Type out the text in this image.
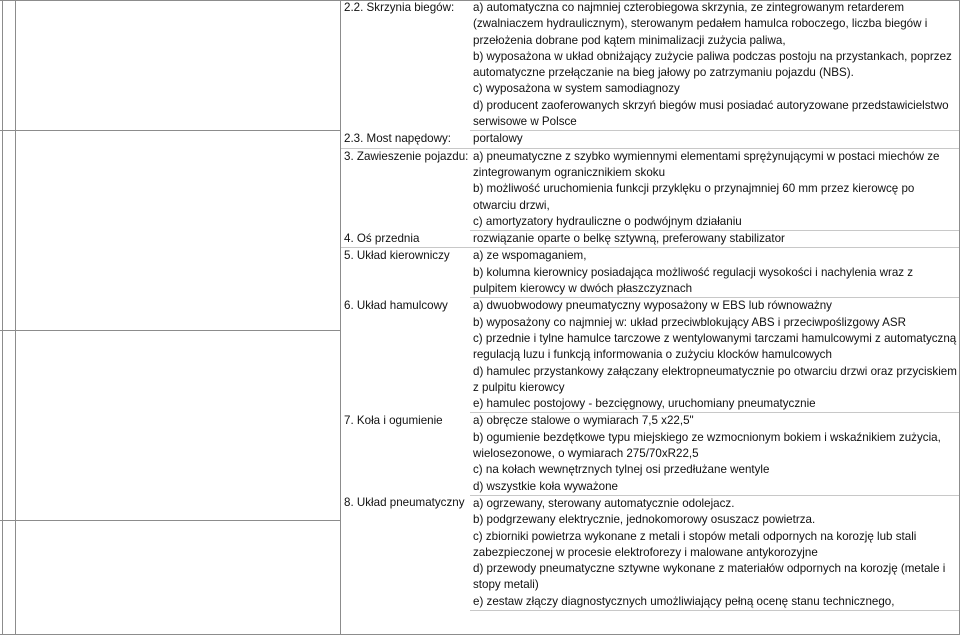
2.2. Skrzynia biegów:	a) automatyczna co najmniej czterobiegowa skrzynia, ze zintegrowanym retarderem (zwalniaczem hydraulicznym), sterowanym pedałem hamulca roboczego, liczba biegów i przełożenia dobrane pod kątem minimalizacji zużycia paliwa,
	b) wyposażona w układ obniżający zużycie paliwa podczas postoju na przystankach, poprzez automatyczne przełączanie na bieg jałowy po zatrzymaniu pojazdu (NBS).
	c) wyposażona w system samodiagnozy
	d) producent zaoferowanych skrzyń biegów musi posiadać autoryzowane przedstawicielstwo serwisowe w Polsce
2.3. Most napędowy:	portalowy
3. Zawieszenie pojazdu:	a) pneumatyczne z szybko wymiennymi elementami sprężynującymi w postaci miechów ze zintegrowanym ogranicznikiem skoku
	b) możliwość uruchomienia funkcji przyklęku o przynajmniej 60 mm przez kierowcę po otwarciu drzwi,
	c) amortyzatory hydrauliczne o podwójnym działaniu
4. Oś przednia	rozwiązanie oparte o belkę sztywną, preferowany stabilizator
5. Układ kierowniczy	a) ze wspomaganiem,
	b) kolumna kierownicy posiadająca możliwość regulacji wysokości i nachylenia wraz z pulpitem kierowcy w dwóch płaszczyznach
6. Układ hamulcowy	a) dwuobwodowy pneumatyczny wyposażony w EBS lub równoważny
	b) wyposażony co najmniej w: układ przeciwblokujący ABS i przeciwpoślizgowy ASR
	c) przednie i tylne hamulce tarczowe z wentylowanymi tarczami hamulcowymi z automatyczną regulacją luzu i funkcją informowania o zużyciu klocków hamulcowych
	d) hamulec przystankowy załączany elektropneumatycznie po otwarciu drzwi oraz przyciskiem z pulpitu kierowcy
	e) hamulec postojowy - bezcięgnowy, uruchomiany pneumatycznie
7. Koła i ogumienie	a) obręcze stalowe o wymiarach 7,5 x22,5"
	b) ogumienie bezdętkowe typu miejskiego ze wzmocnionym bokiem i wskaźnikiem zużycia, wielosezonowe, o wymiarach 275/70xR22,5
	c) na kołach wewnętrznych tylnej osi przedłużane wentyle
	d) wszystkie koła wyważone
8. Układ pneumatyczny	a) ogrzewany, sterowany automatycznie odolejacz.
	b) podgrzewany elektrycznie, jednokomorowy osuszacz powietrza.
	c) zbiorniki powietrza wykonane z metali i stopów metali odpornych na korozję lub stali zabezpieczonej w procesie elektroforezy i malowane antykorozyjne
	d) przewody pneumatyczne sztywne wykonane z materiałów odpornych na korozję (metale i stopy metali)
	e) zestaw złączy diagnostycznych umożliwiający pełną ocenę stanu technicznego,
